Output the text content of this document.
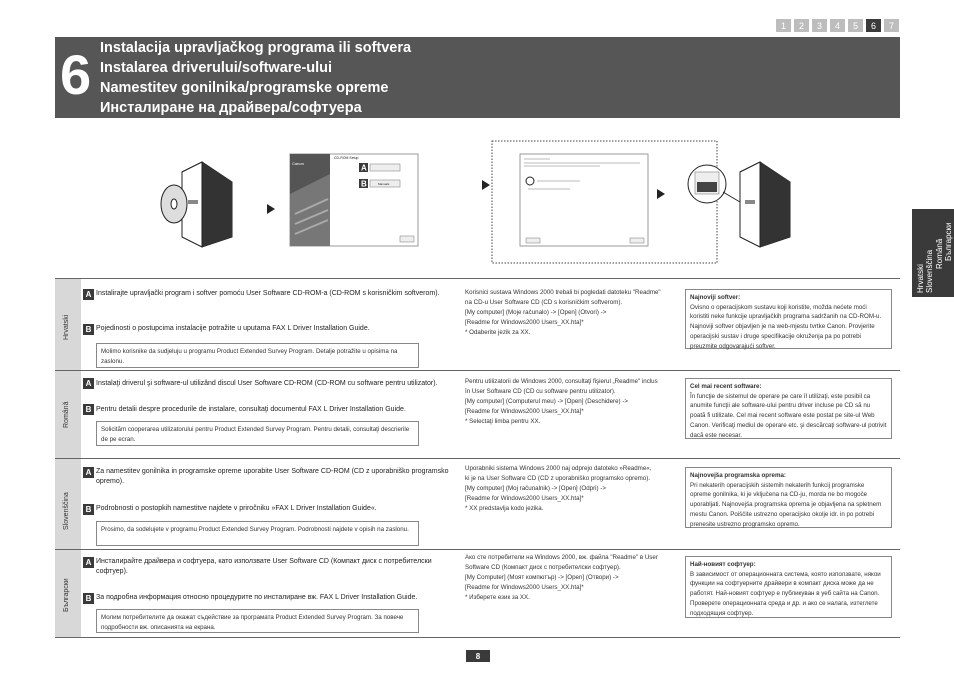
1	2	3	4	5	6	7
6 Instalacija upravljačkog programa ili softvera
Instalarea driverului/software-ului
Namestitev gonilnika/programske opreme
Инсталиране на драйвера/софтуера
Hrvatski Slovenščina Română Български
Canon
CD-ROM Setup
Manuals
A
B
Hrvatski
A Instalirajte upravljački program i softver pomoću User Software CD-ROM-a (CD-ROM s korisničkim softverom).
B Pojedinosti o postupcima instalacije potražite u uputama FAX L Driver Installation Guide.
Molimo korisnike da sudjeluju u programu Product Extended Survey Program. Detalje potražite u opisima na zaslonu.
Korisnici sustava Windows 2000 trebali bi pogledati datoteku "Readme"
na CD-u User Software CD (CD s korisničkim softverom).
[My computer] (Moje računalo) -> [Open] (Otvori) ->
[Readme for Windows2000 Users_XX.hta]*
* Odaberite jezik za XX.
Najnoviji softver:
Ovisno o operacijskom sustavu koji koristite, možda nećete moći koristiti neke funkcije upravljačkih programa sadržanih na CD-ROM-u. Najnoviji softver objavljen je na web-mjestu tvrtke Canon. Provjerite operacijski sustav i druge specifikacije okruženja pa po potrebi preuzmite odgovarajući softver.
Română
A Instalaţi driverul şi software-ul utilizând discul User Software CD-ROM (CD-ROM cu software pentru utilizator).
B Pentru detalii despre procedurile de instalare, consultaţi documentul FAX L Driver Installation Guide.
Solicităm cooperarea utilizatorului pentru Product Extended Survey Program. Pentru detalii, consultaţi descrierile de pe ecran.
Pentru utilizatorii de Windows 2000, consultaţi fişierul „Readme" inclus
în User Software CD (CD cu software pentru utilizator).
[My computer] (Computerul meu) -> [Open] (Deschidere) ->
[Readme for Windows2000 Users_XX.hta]*
* Selectaţi limba pentru XX.
Cel mai recent software:
În funcţie de sistemul de operare pe care îl utilizaţi, este posibil ca anumite funcţii ale software-ului pentru driver incluse pe CD să nu poată fi utilizate. Cel mai recent software este postat pe site-ul Web Canon. Verificaţi mediul de operare etc. şi descărcaţi software-ul potrivit dacă este necesar.
Slovenščina
A Za namestitev gonilnika in programske opreme uporabite User Software CD-ROM (CD z uporabniško programsko opremo).
B Podrobnosti o postopkih namestitve najdete v priročniku »FAX L Driver Installation Guide«.
Prosimo, da sodelujete v programu Product Extended Survey Program. Podrobnosti najdete v opisih na zaslonu.
Uporabniki sistema Windows 2000 naj odprejo datoteko »Readme«,
ki je na User Software CD (CD z uporabniško programsko opremo).
[My computer] (Moj računalnik) -> [Open] (Odpri) ->
[Readme for Windows2000 Users_XX.hta]*
* XX predstavlja kodo jezika.
Najnovejša programska oprema:
Pri nekaterih operacijskih sistemih nekaterih funkcij programske opreme gonilnika, ki je vključena na CD-ju, morda ne bo mogoče uporabljati. Najnovejša programska oprema je objavljena na spletnem mestu Canon. Poiščite ustrezno operacijsko okolje idr. in po potrebi prenesite ustrezno programsko opremo.
Български
A Инсталирайте драйвера и софтуера, като използвате User Software CD (Компакт диск с потребителски софтуер).
B За подробна информация относно процедурите по инсталиране вж. FAX L Driver Installation Guide.
Молим потребителите да окажат съдействие за програмата Product Extended Survey Program. За повече подробности вж. описанията на екрана.
Ако сте потребители на Windows 2000, вж. файла "Readme" в User
Software CD (Компакт диск с потребителски софтуер).
[My Computer] (Моят компютър) -> [Open] (Отвори) ->
[Readme for Windows2000 Users_XX.hta]*
* Изберете език за XX.
Най-новият софтуер:
В зависимост от операционната система, която използвате, някои функции на софтуерните драйвери в компакт диска може да не работят. Най-новият софтуер е публикуван в уеб сайта на Canon. Проверете операционната среда и др. и ако се налага, изтеглете подходящия софтуер.
8
